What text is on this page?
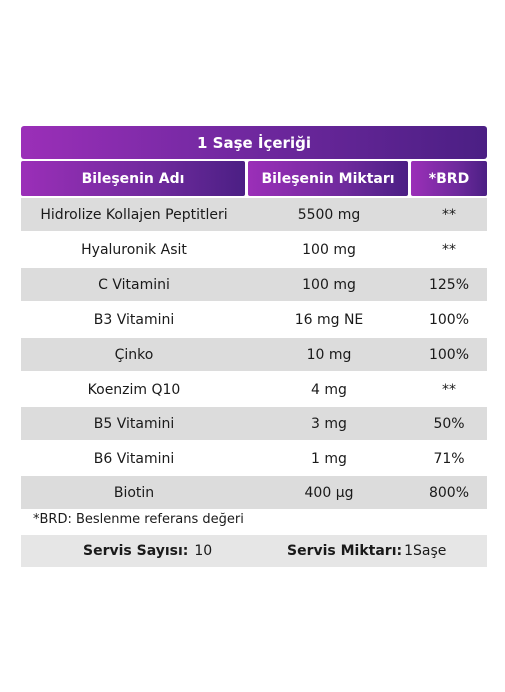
1 Saşe İçeriği
Bileşenin Adı	Bileşenin Miktarı	*BRD
Hidrolize Kollajen Peptitleri	5500 mg	**
Hyaluronik Asit	100 mg	**
C Vitamini	100 mg	125%
B3 Vitamini	16 mg NE	100%
Çinko	10 mg	100%
Koenzim Q10	4 mg	**
B5 Vitamini	3 mg	50%
B6 Vitamini	1 mg	71%
Biotin	400 µg	800%
*BRD: Beslenme referans değeri
Servis Sayısı: 10	Servis Miktarı: 1Saşe
